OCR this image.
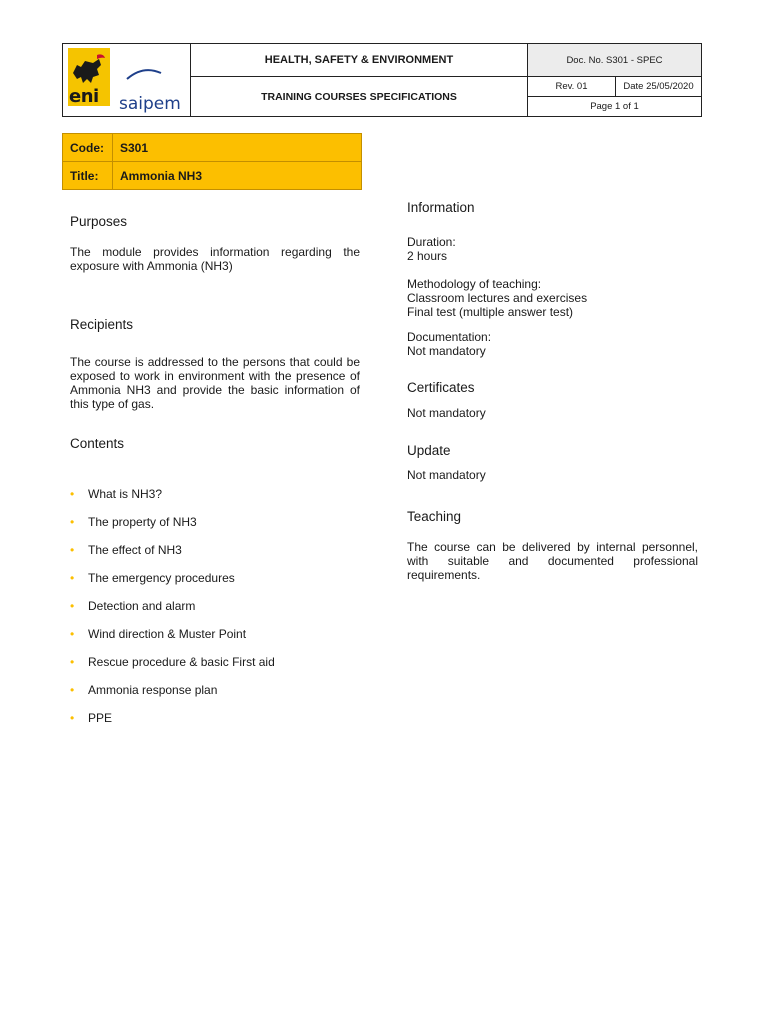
eni saipem
HEALTH, SAFETY & ENVIRONMENT
TRAINING COURSES SPECIFICATIONS
Doc. No. S301 - SPEC
Rev. 01	Date 25/05/2020
Page 1 of 1
Code:	S301
Title:	Ammonia NH3
Purposes
The module provides information regarding the exposure with Ammonia (NH3)
Recipients
The course is addressed to the persons that could be exposed to work in environment with the presence of Ammonia NH3 and provide the basic information of this type of gas.
Contents
• What is NH3?
• The property of NH3
• The effect of NH3
• The emergency procedures
• Detection and alarm
• Wind direction & Muster Point
• Rescue procedure & basic First aid
• Ammonia response plan
• PPE
Information
Duration:
2 hours
Methodology of teaching:
Classroom lectures and exercises
Final test (multiple answer test)
Documentation:
Not mandatory
Certificates
Not mandatory
Update
Not mandatory
Teaching
The course can be delivered by internal personnel, with suitable and documented professional requirements.
